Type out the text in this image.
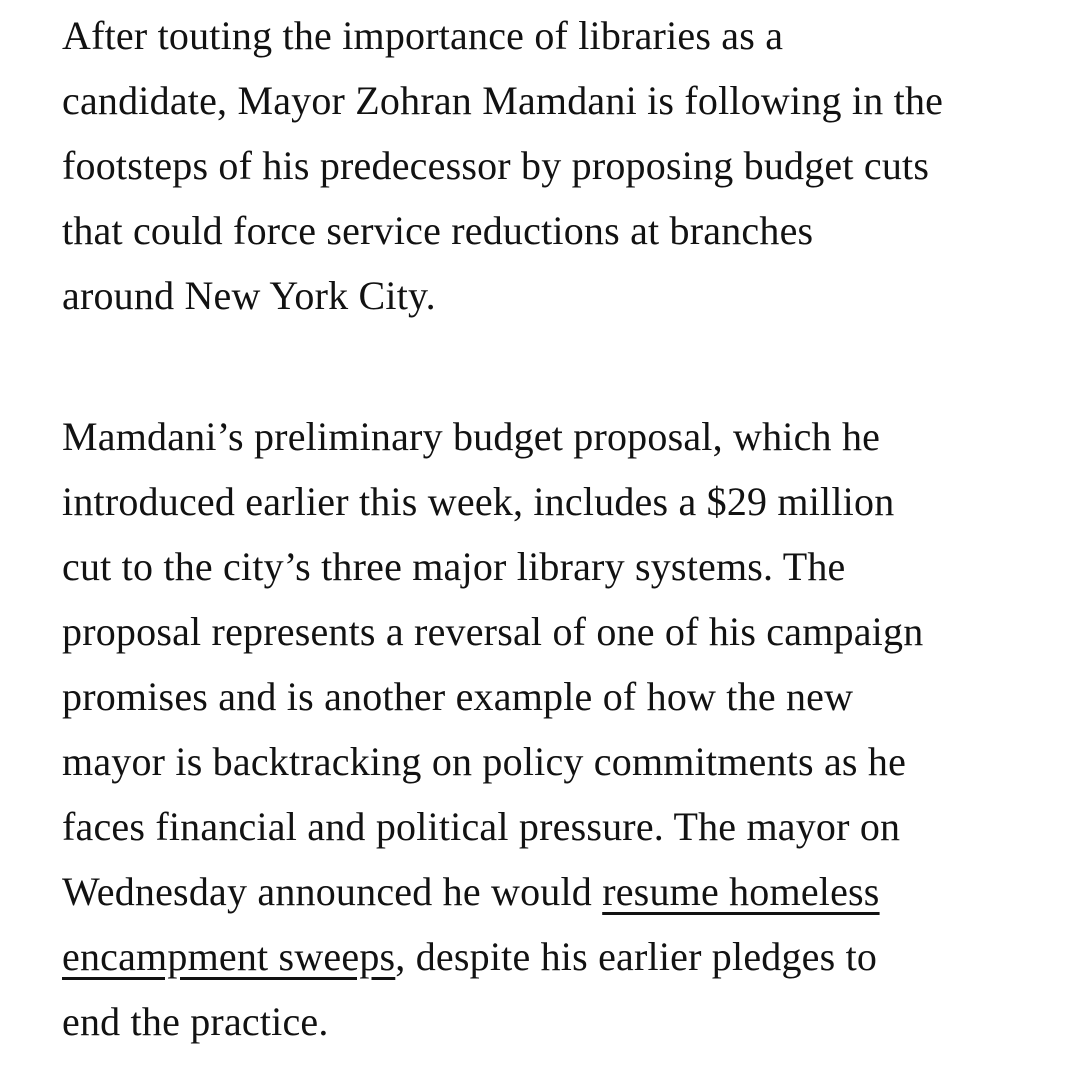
After touting the importance of libraries as a
candidate, Mayor Zohran Mamdani is following in the
footsteps of his predecessor by proposing budget cuts
that could force service reductions at branches
around New York City.

Mamdani’s preliminary budget proposal, which he
introduced earlier this week, includes a $29 million
cut to the city’s three major library systems. The
proposal represents a reversal of one of his campaign
promises and is another example of how the new
mayor is backtracking on policy commitments as he
faces financial and political pressure. The mayor on
Wednesday announced he would resume homeless
encampment sweeps, despite his earlier pledges to
end the practice.
